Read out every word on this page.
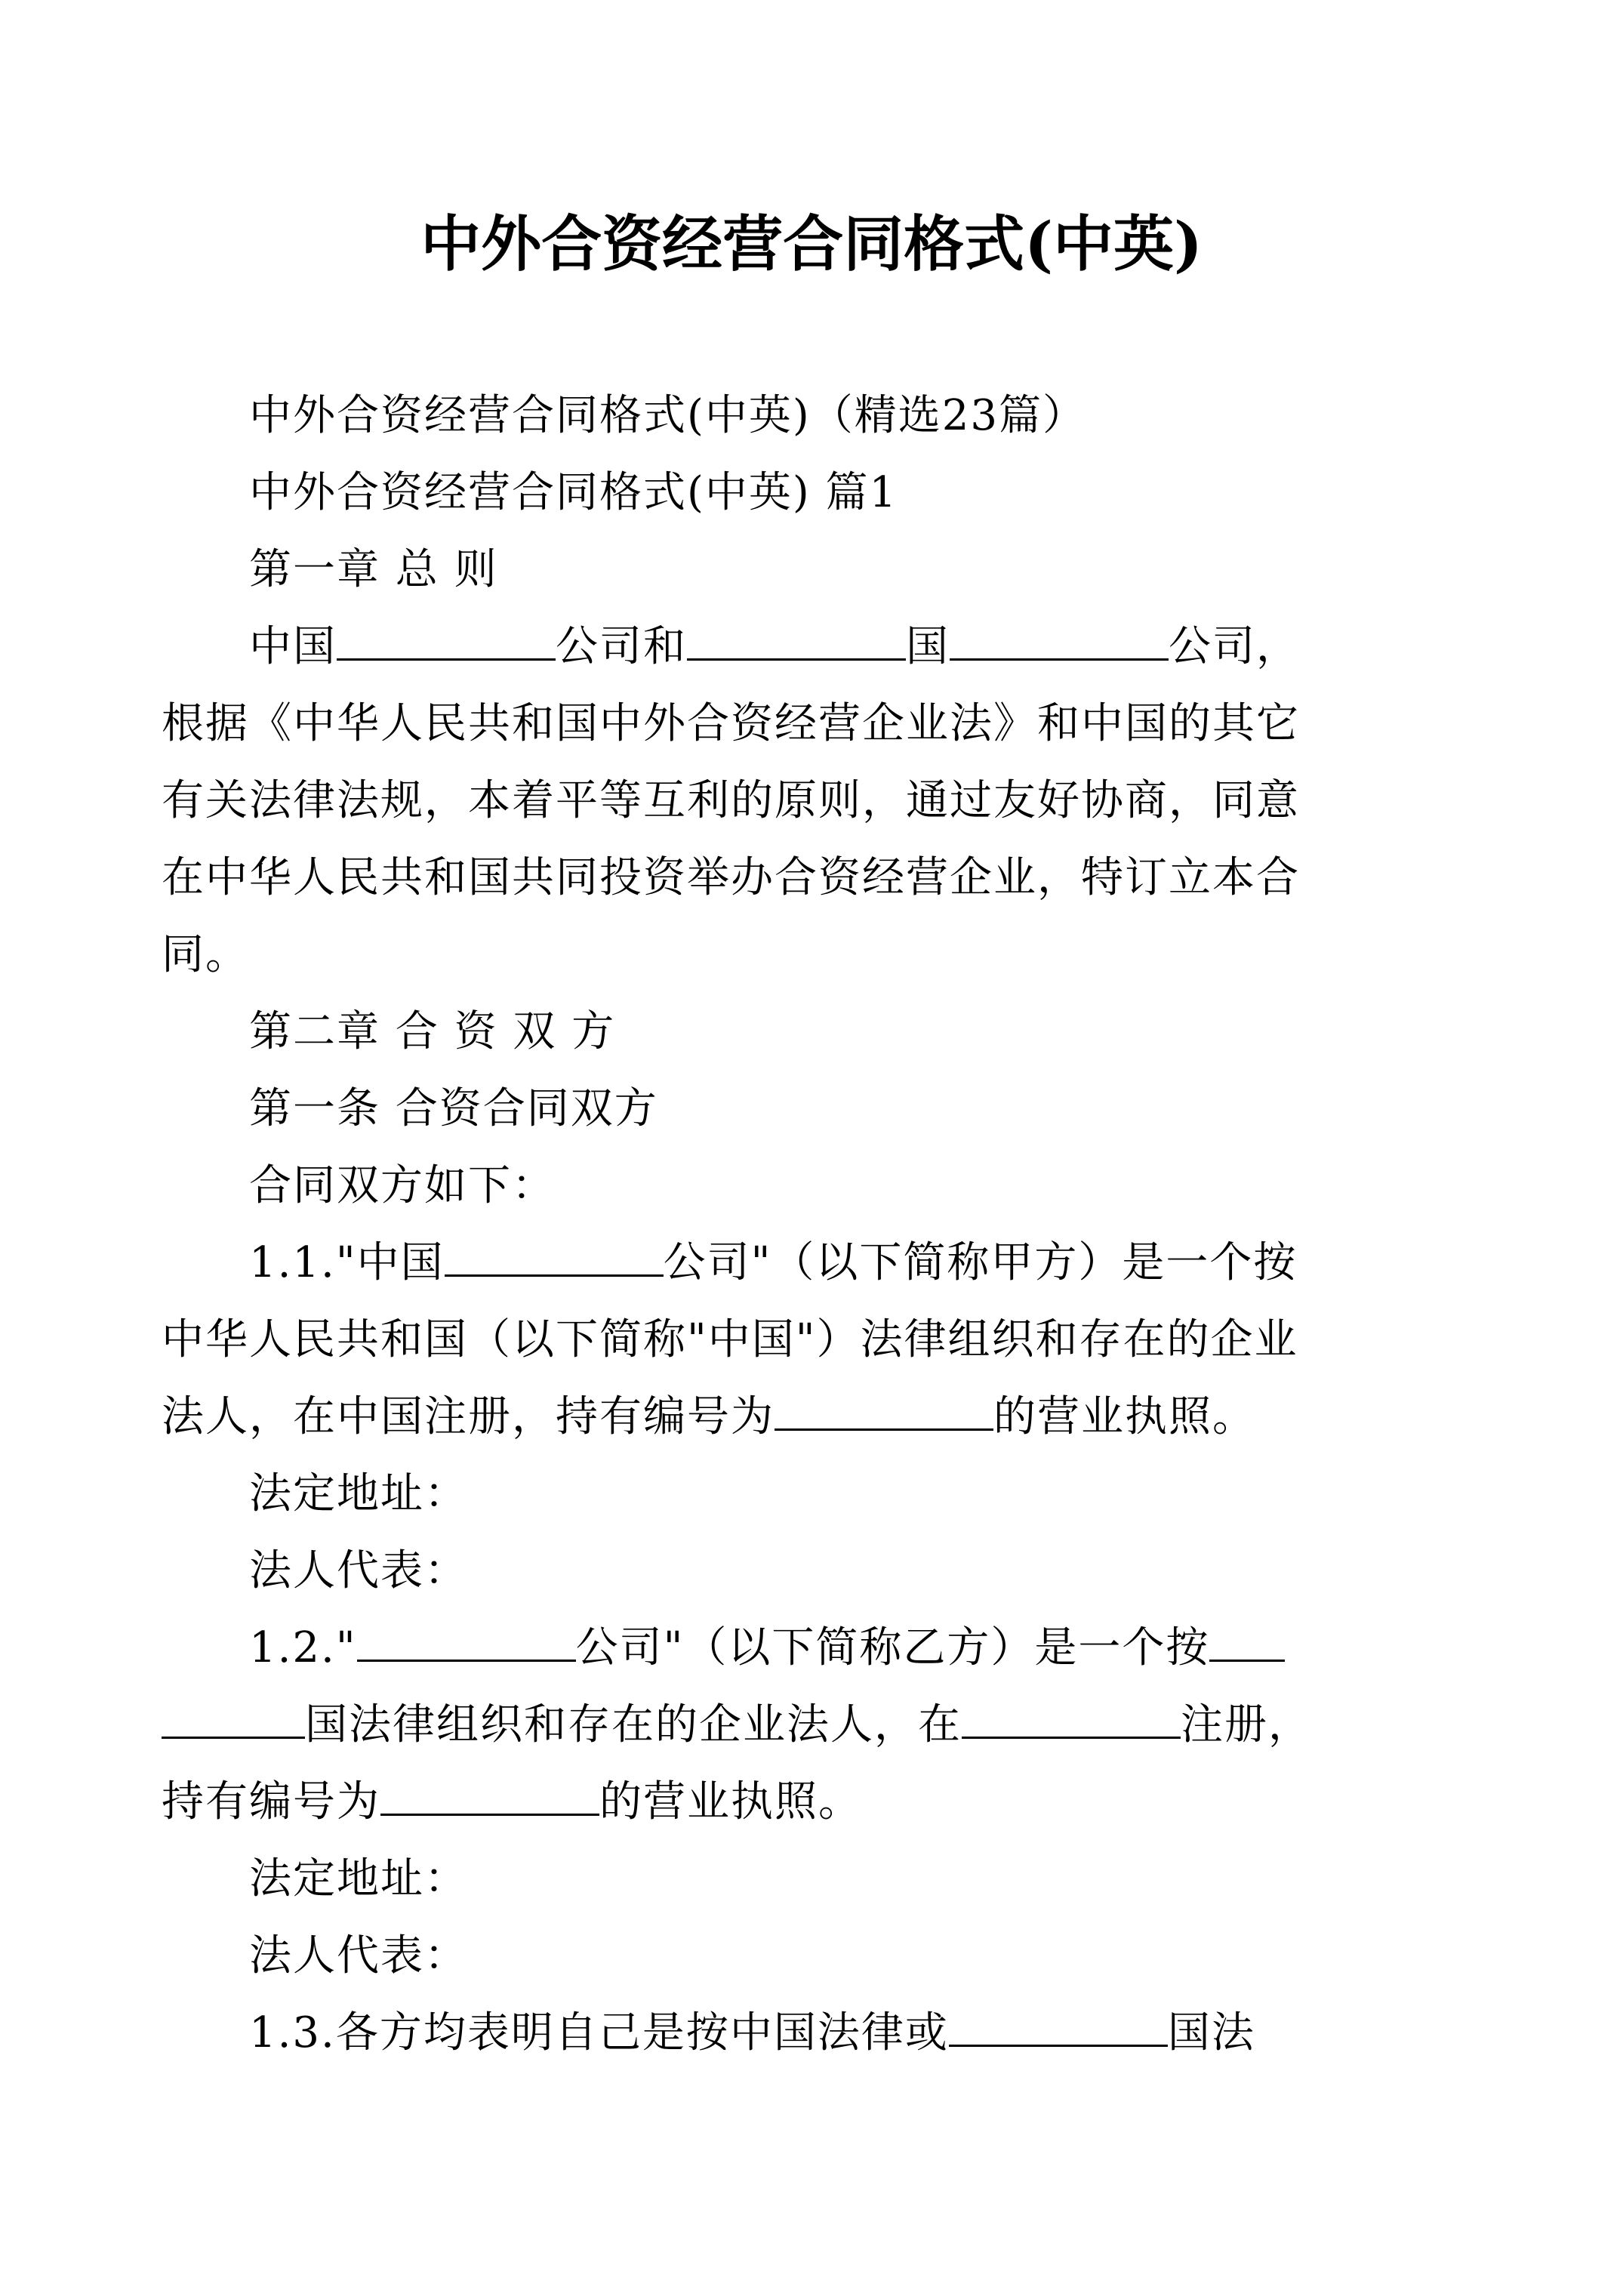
中外合资经营合同格式(中英)

中外合资经营合同格式(中英)（精选23篇）

中外合资经营合同格式(中英) 篇1

第一章 总 则

中国	公司和	国	公司，

根据《中华人民共和国中外合资经营企业法》和中国的其它

有关法律法规，本着平等互利的原则，通过友好协商，同意

在中华人民共和国共同投资举办合资经营企业，特订立本合

同。

第二章 合 资 双 方

第一条 合资合同双方

合同双方如下：

1.1."中国	公司"（以下简称甲方）是一个按

中华人民共和国（以下简称"中国"）法律组织和存在的企业

法人，在中国注册，持有编号为	的营业执照。

法定地址：

法人代表：

1.2."	公司"（以下简称乙方）是一个按

国法律组织和存在的企业法人，在	注册，

持有编号为	的营业执照。

法定地址：

法人代表：

1.3.各方均表明自己是按中国法律或	国法
